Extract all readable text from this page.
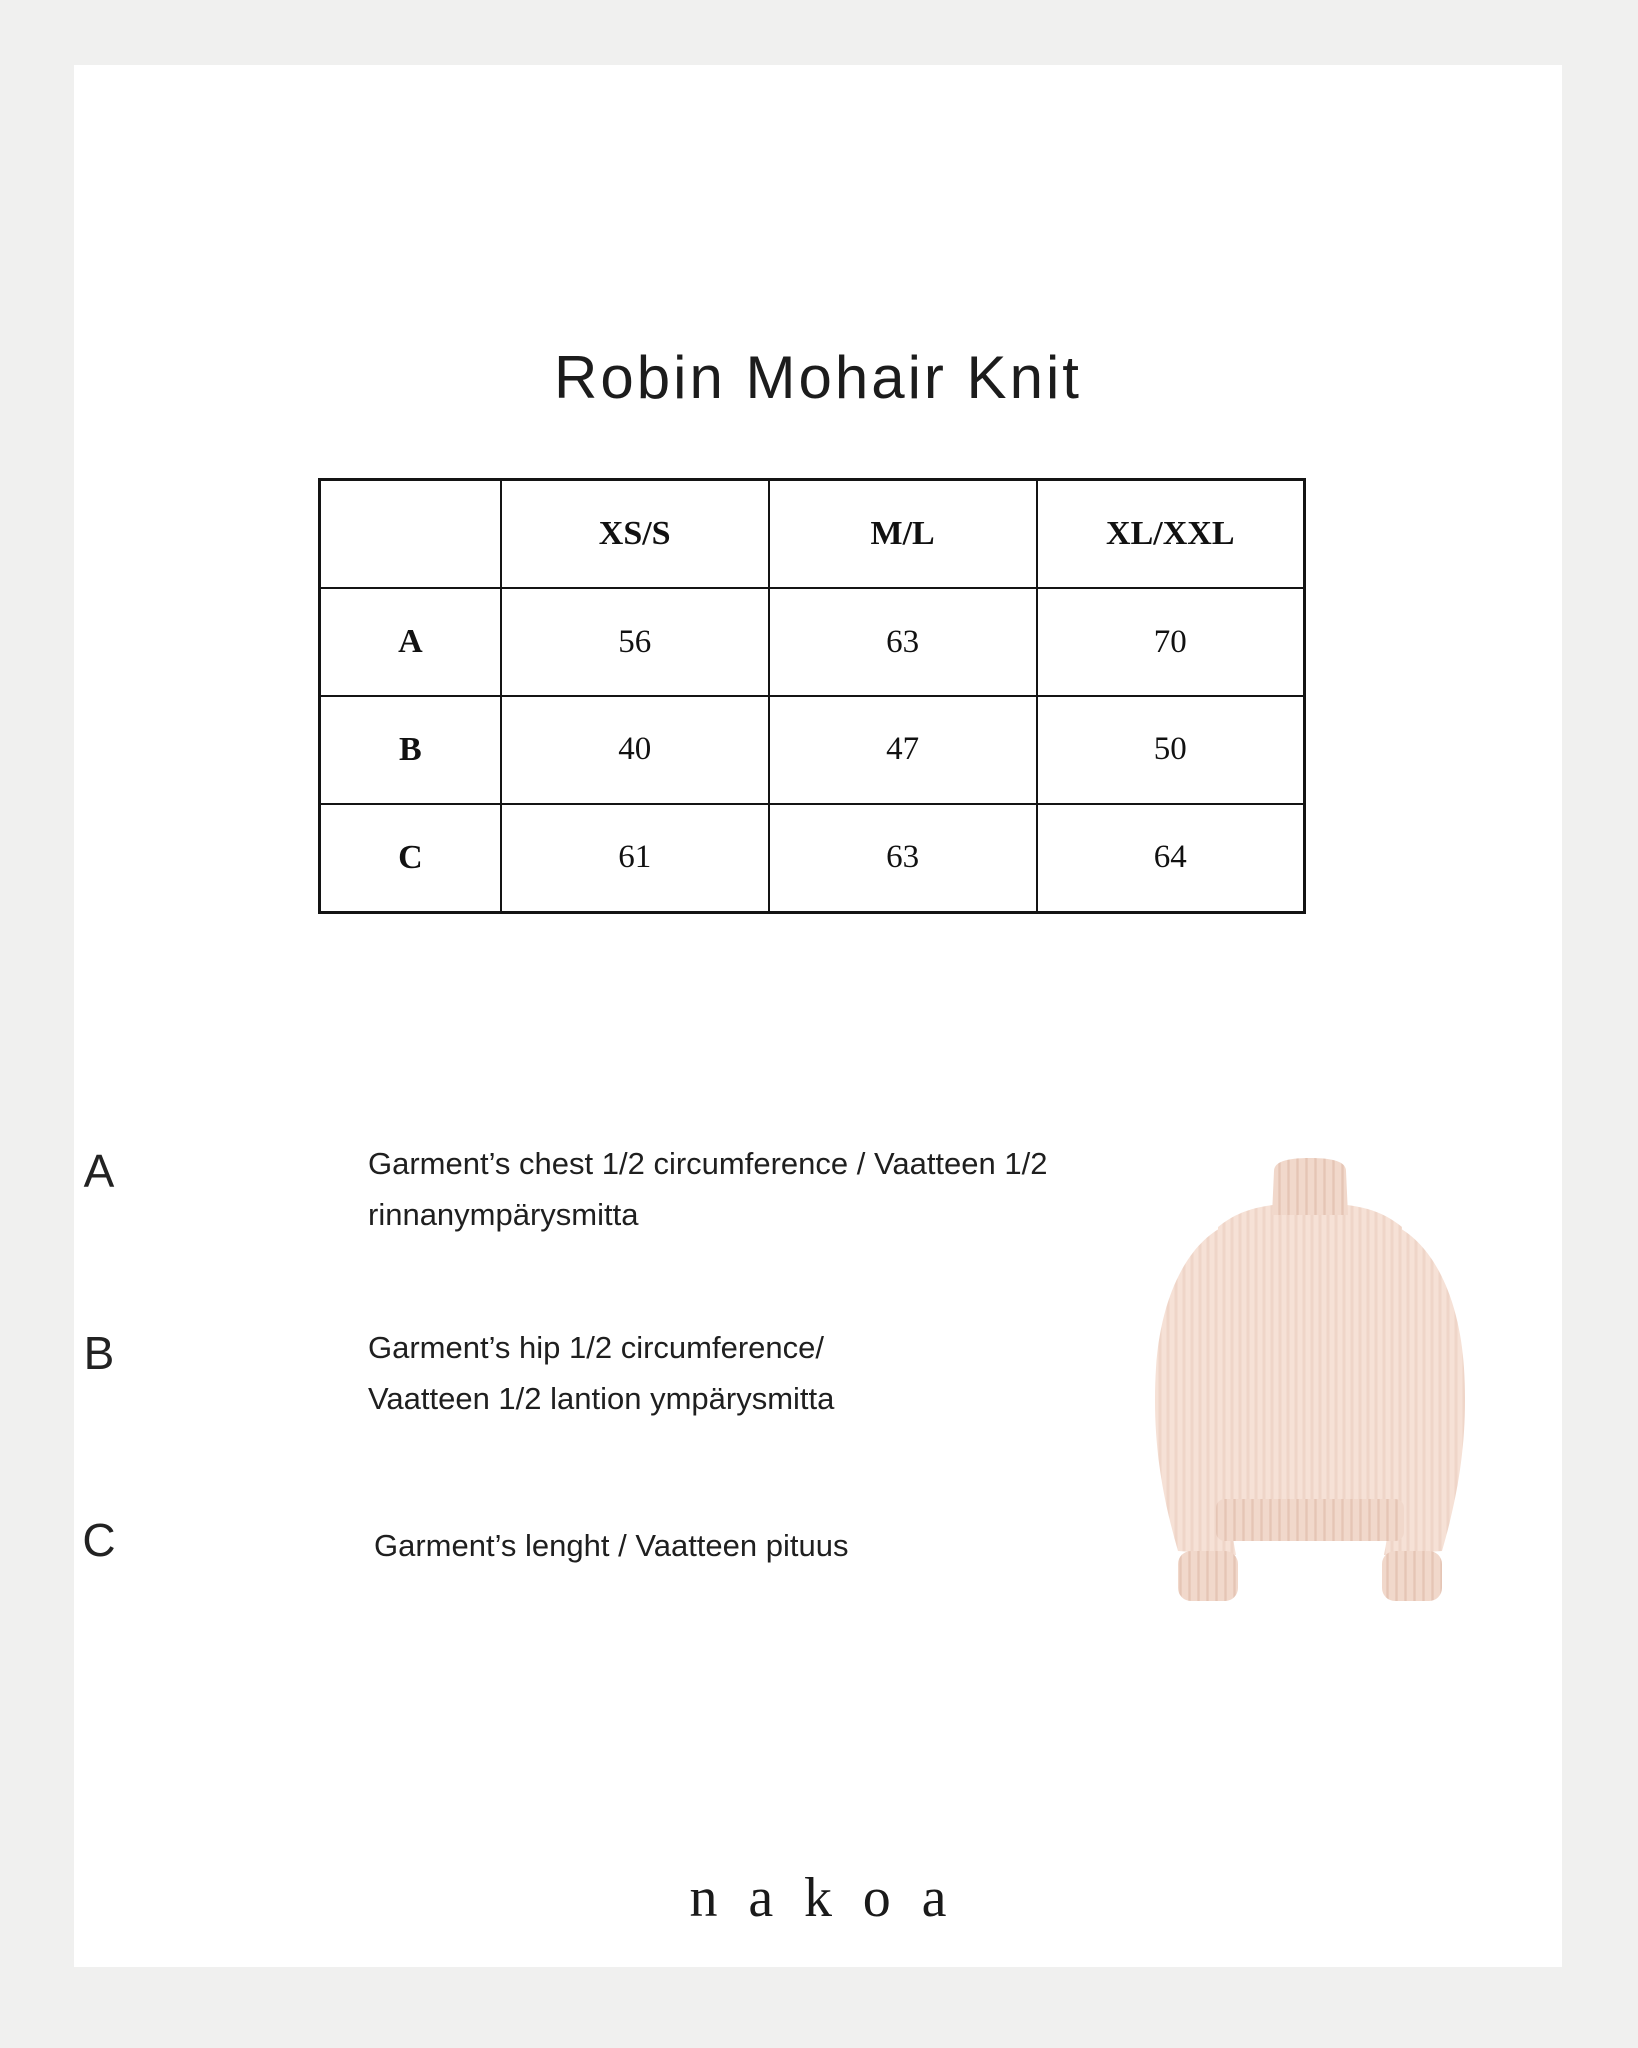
Robin Mohair Knit
	XS/S	M/L	XL/XXL
A	56	63	70
B	40	47	50
C	61	63	64
A	Garment’s chest 1/2 circumference / Vaatteen 1/2
rinnanympärysmitta
B	Garment’s hip 1/2 circumference/
Vaatteen 1/2 lantion ympärysmitta
C	Garment’s lenght / Vaatteen pituus

nakoa
